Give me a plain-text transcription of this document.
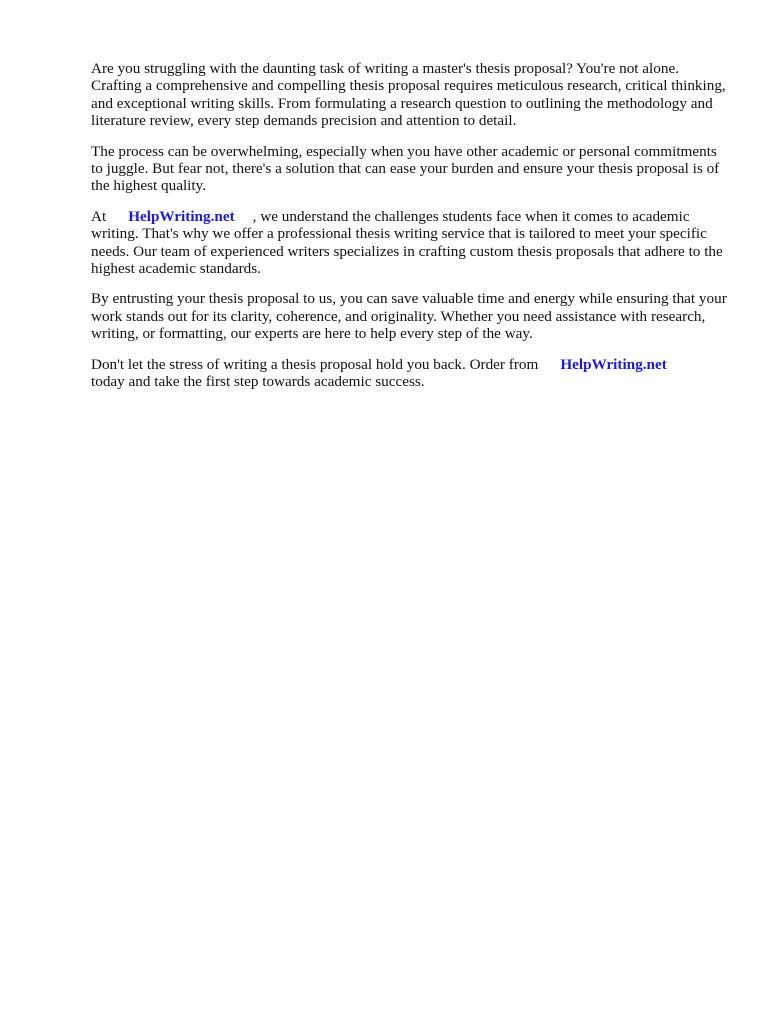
Are you struggling with the daunting task of writing a master's thesis proposal? You're not alone. Crafting a comprehensive and compelling thesis proposal requires meticulous research, critical thinking, and exceptional writing skills. From formulating a research question to outlining the methodology and literature review, every step demands precision and attention to detail.

The process can be overwhelming, especially when you have other academic or personal commitments to juggle. But fear not, there's a solution that can ease your burden and ensure your thesis proposal is of the highest quality.

At HelpWriting.net , we understand the challenges students face when it comes to academic writing. That's why we offer a professional thesis writing service that is tailored to meet your specific needs. Our team of experienced writers specializes in crafting custom thesis proposals that adhere to the highest academic standards.

By entrusting your thesis proposal to us, you can save valuable time and energy while ensuring that your work stands out for its clarity, coherence, and originality. Whether you need assistance with research, writing, or formatting, our experts are here to help every step of the way.

Don't let the stress of writing a thesis proposal hold you back. Order from HelpWriting.net
today and take the first step towards academic success.
